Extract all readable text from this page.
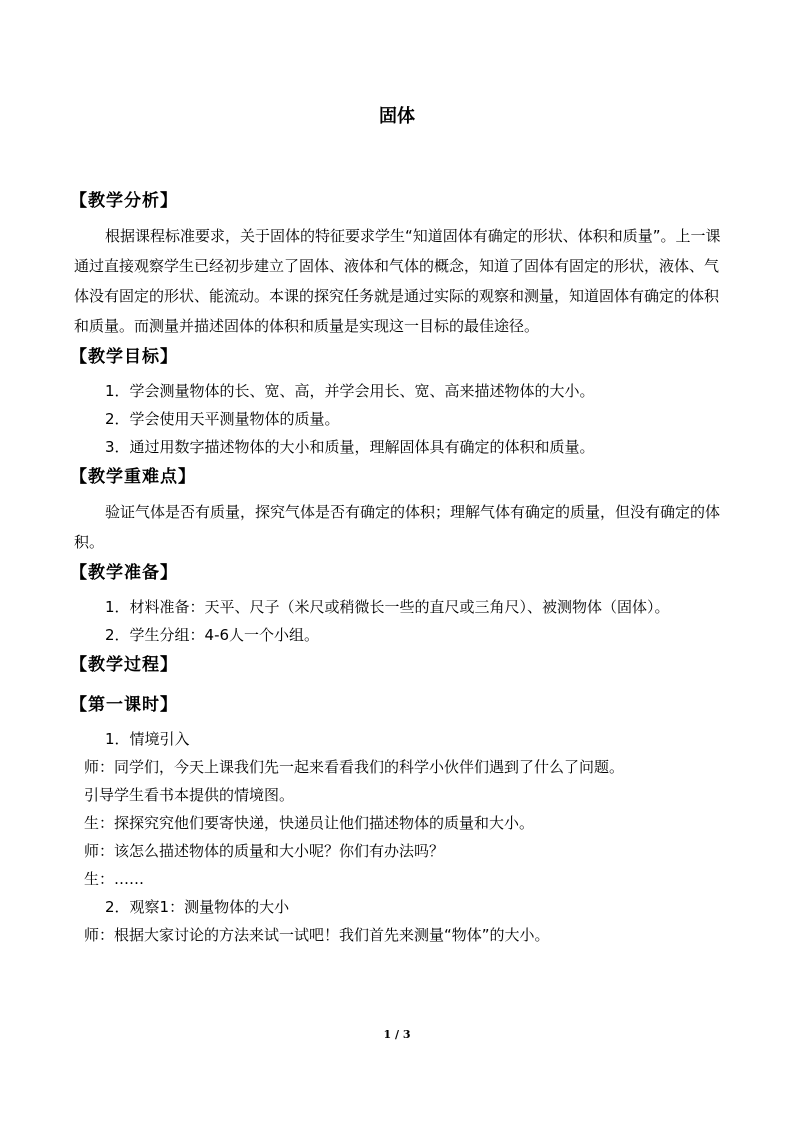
固体
【教学分析】

根据课程标准要求，关于固体的特征要求学生“知道固体有确定的形状、体积和质量”。上一课通过直接观察学生已经初步建立了固体、液体和气体的概念，知道了固体有固定的形状，液体、气体没有固定的形状、能流动。本课的探究任务就是通过实际的观察和测量，知道固体有确定的体积和质量。而测量并描述固体的体积和质量是实现这一目标的最佳途径。

【教学目标】
1．学会测量物体的长、宽、高，并学会用长、宽、高来描述物体的大小。
2．学会使用天平测量物体的质量。
3．通过用数字描述物体的大小和质量，理解固体具有确定的体积和质量。
【教学重难点】

验证气体是否有质量，探究气体是否有确定的体积；理解气体有确定的质量，但没有确定的体积。

【教学准备】
1．材料准备：天平、尺子（米尺或稍微长一些的直尺或三角尺）、被测物体（固体）。
2．学生分组：4-6人一个小组。
【教学过程】
【第一课时】
1．情境引入
师：同学们，今天上课我们先一起来看看我们的科学小伙伴们遇到了什么了问题。
引导学生看书本提供的情境图。
生：探探究究他们要寄快递，快递员让他们描述物体的质量和大小。
师：该怎么描述物体的质量和大小呢？你们有办法吗？
生：……
2．观察1：测量物体的大小
师：根据大家讨论的方法来试一试吧！我们首先来测量“物体”的大小。
1 / 3
